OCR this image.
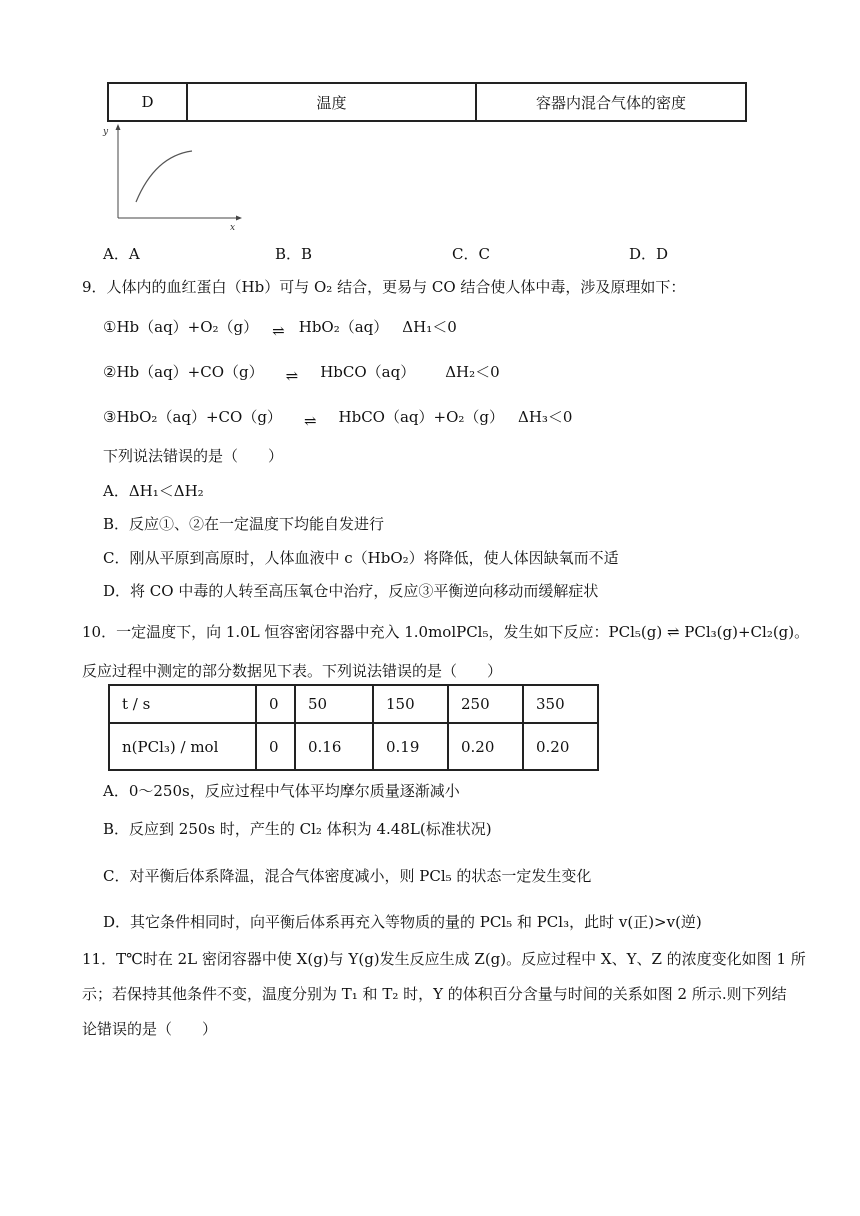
D	温度	容器内混合气体的密度
y
x
A．A	B．B	C．C	D．D
9．人体内的血红蛋白（Hb）可与 O₂ 结合，更易与 CO 结合使人体中毒，涉及原理如下：
①Hb（aq）+O₂（g） ⇌ HbO₂（aq） ΔH₁＜0
②Hb（aq）+CO（g） ⇌ HbCO（aq） ΔH₂＜0
③HbO₂（aq）+CO（g） ⇌ HbCO（aq）+O₂（g） ΔH₃＜0
下列说法错误的是（　　）
A．ΔH₁＜ΔH₂
B．反应①、②在一定温度下均能自发进行
C．刚从平原到高原时，人体血液中 c（HbO₂）将降低，使人体因缺氧而不适
D．将 CO 中毒的人转至高压氧仓中治疗，反应③平衡逆向移动而缓解症状
10．一定温度下，向 1.0L 恒容密闭容器中充入 1.0molPCl₅，发生如下反应：PCl₅(g) ⇌ PCl₃(g)+Cl₂(g)。
反应过程中测定的部分数据见下表。下列说法错误的是（　　）
t / s	0	50	150	250	350
n(PCl₃) / mol	0	0.16	0.19	0.20	0.20
A．0～250s，反应过程中气体平均摩尔质量逐渐减小
B．反应到 250s 时，产生的 Cl₂ 体积为 4.48L(标准状况)
C．对平衡后体系降温，混合气体密度减小，则 PCl₅ 的状态一定发生变化
D．其它条件相同时，向平衡后体系再充入等物质的量的 PCl₅ 和 PCl₃，此时 v(正)>v(逆)
11．T℃时在 2L 密闭容器中使 X(g)与 Y(g)发生反应生成 Z(g)。反应过程中 X、Y、Z 的浓度变化如图 1 所
示；若保持其他条件不变，温度分别为 T₁ 和 T₂ 时，Y 的体积百分含量与时间的关系如图 2 所示.则下列结
论错误的是（　　）
